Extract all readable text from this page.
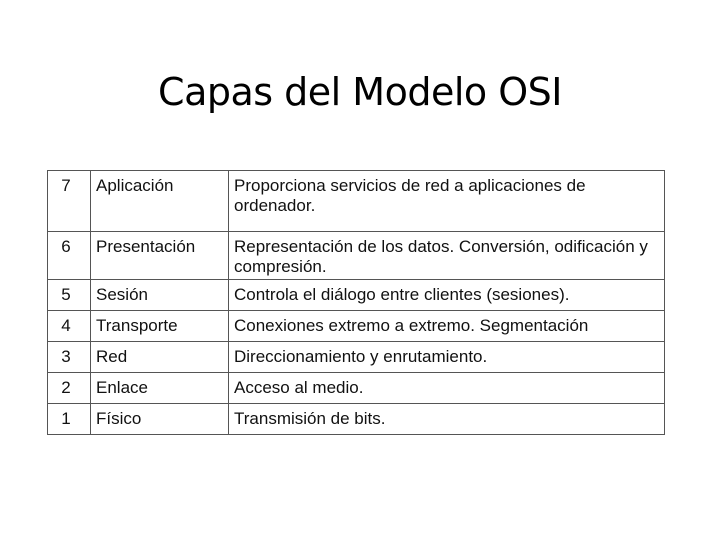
Capas del Modelo OSI
7	Aplicación	Proporciona servicios de red a aplicaciones de ordenador.
6	Presentación	Representación de los datos. Conversión, odificación y compresión.
5	Sesión	Controla el diálogo entre clientes (sesiones).
4	Transporte	Conexiones extremo a extremo. Segmentación
3	Red	Direccionamiento y enrutamiento.
2	Enlace	Acceso al medio.
1	Físico	Transmisión de bits.
